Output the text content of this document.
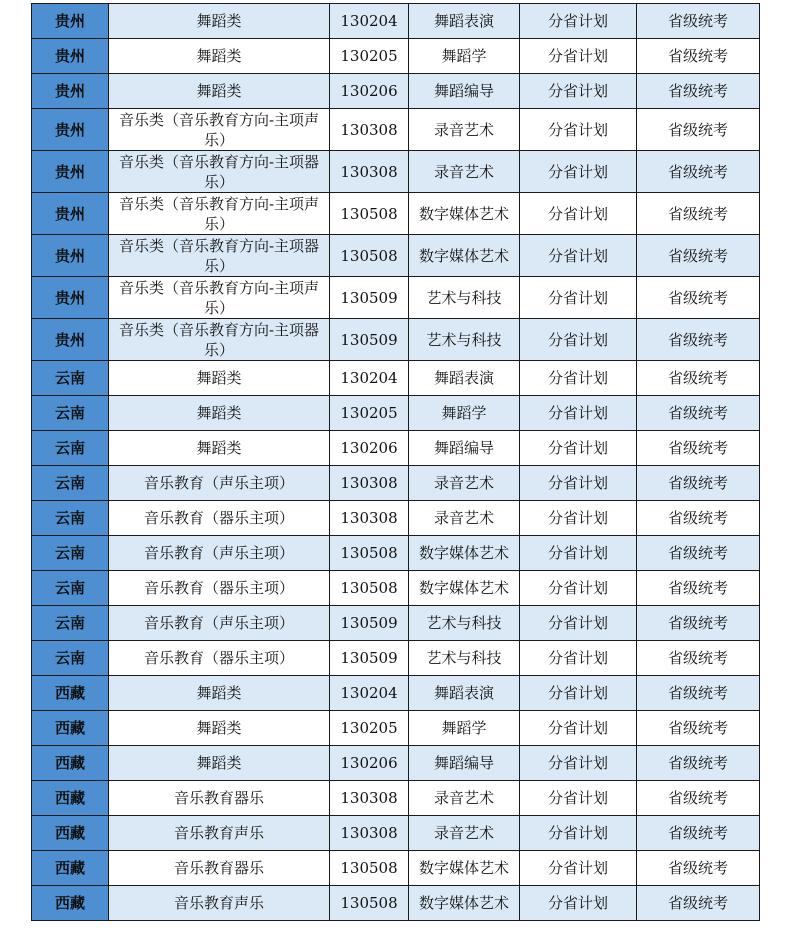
贵州	舞蹈类	130204	舞蹈表演	分省计划	省级统考
贵州	舞蹈类	130205	舞蹈学	分省计划	省级统考
贵州	舞蹈类	130206	舞蹈编导	分省计划	省级统考
贵州	音乐类（音乐教育方向-主项声乐）	130308	录音艺术	分省计划	省级统考
贵州	音乐类（音乐教育方向-主项器乐）	130308	录音艺术	分省计划	省级统考
贵州	音乐类（音乐教育方向-主项声乐）	130508	数字媒体艺术	分省计划	省级统考
贵州	音乐类（音乐教育方向-主项器乐）	130508	数字媒体艺术	分省计划	省级统考
贵州	音乐类（音乐教育方向-主项声乐）	130509	艺术与科技	分省计划	省级统考
贵州	音乐类（音乐教育方向-主项器乐）	130509	艺术与科技	分省计划	省级统考
云南	舞蹈类	130204	舞蹈表演	分省计划	省级统考
云南	舞蹈类	130205	舞蹈学	分省计划	省级统考
云南	舞蹈类	130206	舞蹈编导	分省计划	省级统考
云南	音乐教育（声乐主项）	130308	录音艺术	分省计划	省级统考
云南	音乐教育（器乐主项）	130308	录音艺术	分省计划	省级统考
云南	音乐教育（声乐主项）	130508	数字媒体艺术	分省计划	省级统考
云南	音乐教育（器乐主项）	130508	数字媒体艺术	分省计划	省级统考
云南	音乐教育（声乐主项）	130509	艺术与科技	分省计划	省级统考
云南	音乐教育（器乐主项）	130509	艺术与科技	分省计划	省级统考
西藏	舞蹈类	130204	舞蹈表演	分省计划	省级统考
西藏	舞蹈类	130205	舞蹈学	分省计划	省级统考
西藏	舞蹈类	130206	舞蹈编导	分省计划	省级统考
西藏	音乐教育器乐	130308	录音艺术	分省计划	省级统考
西藏	音乐教育声乐	130308	录音艺术	分省计划	省级统考
西藏	音乐教育器乐	130508	数字媒体艺术	分省计划	省级统考
西藏	音乐教育声乐	130508	数字媒体艺术	分省计划	省级统考
